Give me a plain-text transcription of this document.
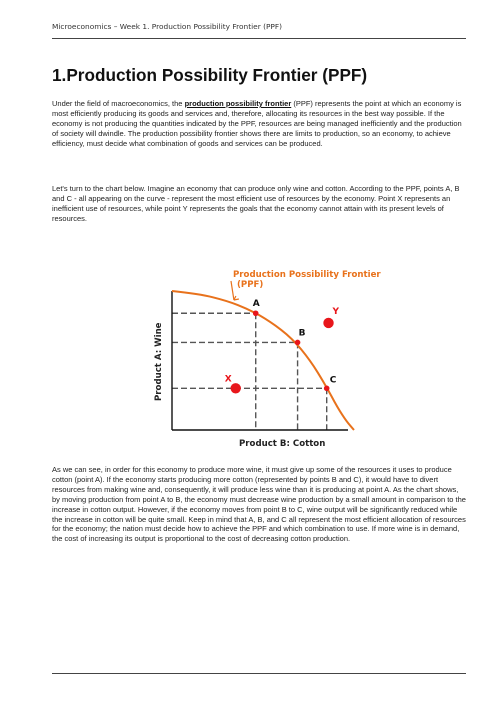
Microeconomics – Week 1. Production Possibility Frontier (PPF)
1.Production Possibility Frontier (PPF)

Under the field of macroeconomics, the production possibility frontier (PPF) represents the point at which an economy is most efficiently producing its goods and services and, therefore, allocating its resources in the best way possible. If the economy is not producing the quantities indicated by the PPF, resources are being managed inefficiently and the production of society will dwindle. The production possibility frontier shows there are limits to production, so an economy, to achieve efficiency, must decide what combination of goods and services can be produced.

Let's turn to the chart below. Imagine an economy that can produce only wine and cotton. According to the PPF, points A, B and C - all appearing on the curve - represent the most efficient use of resources by the economy. Point X represents an inefficient use of resources, while point Y represents the goals that the economy cannot attain with its present levels of resources.

A
B
C
X
Y
Production Possibility Frontier
(PPF)
Product B: Cotton
Product A: Wine

As we can see, in order for this economy to produce more wine, it must give up some of the resources it uses to produce cotton (point A). If the economy starts producing more cotton (represented by points B and C), it would have to divert resources from making wine and, consequently, it will produce less wine than it is producing at point A. As the chart shows, by moving production from point A to B, the economy must decrease wine production by a small amount in comparison to the increase in cotton output. However, if the economy moves from point B to C, wine output will be significantly reduced while the increase in cotton will be quite small. Keep in mind that A, B, and C all represent the most efficient allocation of resources for the economy; the nation must decide how to achieve the PPF and which combination to use. If more wine is in demand, the cost of increasing its output is proportional to the cost of decreasing cotton production.
